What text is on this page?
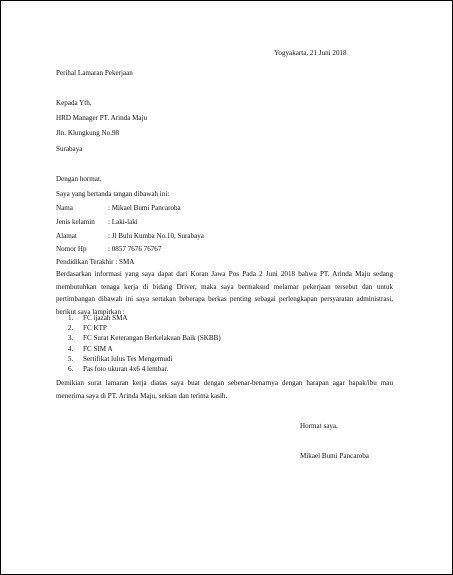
Yogyakarta, 21 Juni 2018
Perihal Lamaran Pekerjaan
Kepada Yth,
HRD Manager PT. Arinda Maju
Jln. Klungkung No.98
Surabaya
Dengan hormat,
Saya yang bertanda tangan dibawah ini:
Nama	: Mikael Bumi Pancaroba
Jenis kelamin : Laki-laki
Alamat	: Jl Bulu Kumba No.10, Surabaya
Nomor Hp	: 0857 7676 76767
Pendidikan Terakhir : SMA
Berdasarkan informasi yang saya dapat dari Koran Jawa Pos Pada 2 Juni 2018 bahwa PT. Arinda Maju sedang membutuhkan tenaga kerja di bidang Driver, maka saya bermaksud melamar pekerjaan tersebut dan untuk pertimbangan dibawah ini saya sertakan beberapa berkas penting sebagai perlengkapan persyaratan administrasi, berikut saya lampirkan :
1. FC ijazah SMA
2. FC KTP
3. FC Surat Keterangan Berkelakuan Baik (SKBB)
4. FC SIM A
5. Sertifikat lulus Tes Mengemudi
6. Pas foto ukuran 4x6 4 lembar.
Demikian surat lamaran kerja diatas saya buat dengan sebenar-benarnya dengan harapan agar bapak/ibu mau menerima saya di PT. Arinda Maju, sekian dan terima kasih.
Hormat saya,
Mikael Bumi Pancaroba
